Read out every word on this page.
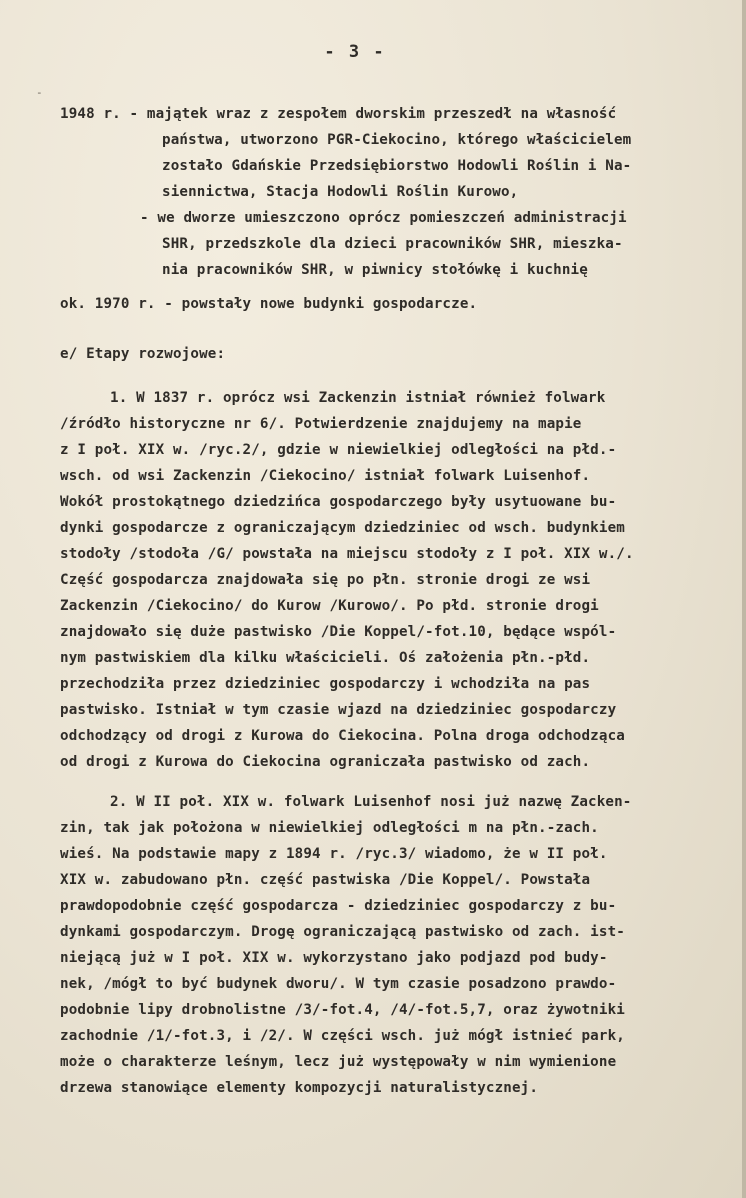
-
- 3 -
1948 r. - majątek wraz z zespołem dworskim przeszedł na własność
państwa, utworzono PGR-Ciekocino, którego właścicielem
zostało Gdańskie Przedsiębiorstwo Hodowli Roślin i Na-
siennictwa, Stacja Hodowli Roślin Kurowo,
- we dworze umieszczono oprócz pomieszczeń administracji
SHR, przedszkole dla dzieci pracowników SHR, mieszka-
nia pracowników SHR, w piwnicy stołówkę i kuchnię
ok. 1970 r. - powstały nowe budynki gospodarcze.
e/ Etapy rozwojowe:
1. W 1837 r. oprócz wsi Zackenzin istniał również folwark
/źródło historyczne nr 6/. Potwierdzenie znajdujemy na mapie
z I poł. XIX w. /ryc.2/, gdzie w niewielkiej odległości na płd.-
wsch. od wsi Zackenzin /Ciekocino/ istniał folwark Luisenhof.
Wokół prostokątnego dziedzińca gospodarczego były usytuowane bu-
dynki gospodarcze z ograniczającym dziedziniec od wsch. budynkiem
stodoły /stodoła /G/ powstała na miejscu stodoły z I poł. XIX w./.
Część gospodarcza znajdowała się po płn. stronie drogi ze wsi
Zackenzin /Ciekocino/ do Kurow /Kurowo/. Po płd. stronie drogi
znajdowało się duże pastwisko /Die Koppel/-fot.10, będące wspól-
nym pastwiskiem dla kilku właścicieli. Oś założenia płn.-płd.
przechodziła przez dziedziniec gospodarczy i wchodziła na pas
pastwisko. Istniał w tym czasie wjazd na dziedziniec gospodarczy
odchodzący od drogi z Kurowa do Ciekocina. Polna droga odchodząca
od drogi z Kurowa do Ciekocina ograniczała pastwisko od zach.
2. W II poł. XIX w. folwark Luisenhof nosi już nazwę Zacken-
zin, tak jak położona w niewielkiej odległości m na płn.-zach.
wieś. Na podstawie mapy z 1894 r. /ryc.3/ wiadomo, że w II poł.
XIX w. zabudowano płn. część pastwiska /Die Koppel/. Powstała
prawdopodobnie część gospodarcza - dziedziniec gospodarczy z bu-
dynkami gospodarczym. Drogę ograniczającą pastwisko od zach. ist-
niejącą już w I poł. XIX w. wykorzystano jako podjazd pod budy-
nek, /mógł to być budynek dworu/. W tym czasie posadzono prawdo-
podobnie lipy drobnolistne /3/-fot.4, /4/-fot.5,7, oraz żywotniki
zachodnie /1/-fot.3, i /2/. W części wsch. już mógł istnieć park,
może o charakterze leśnym, lecz już występowały w nim wymienione
drzewa stanowiące elementy kompozycji naturalistycznej.
